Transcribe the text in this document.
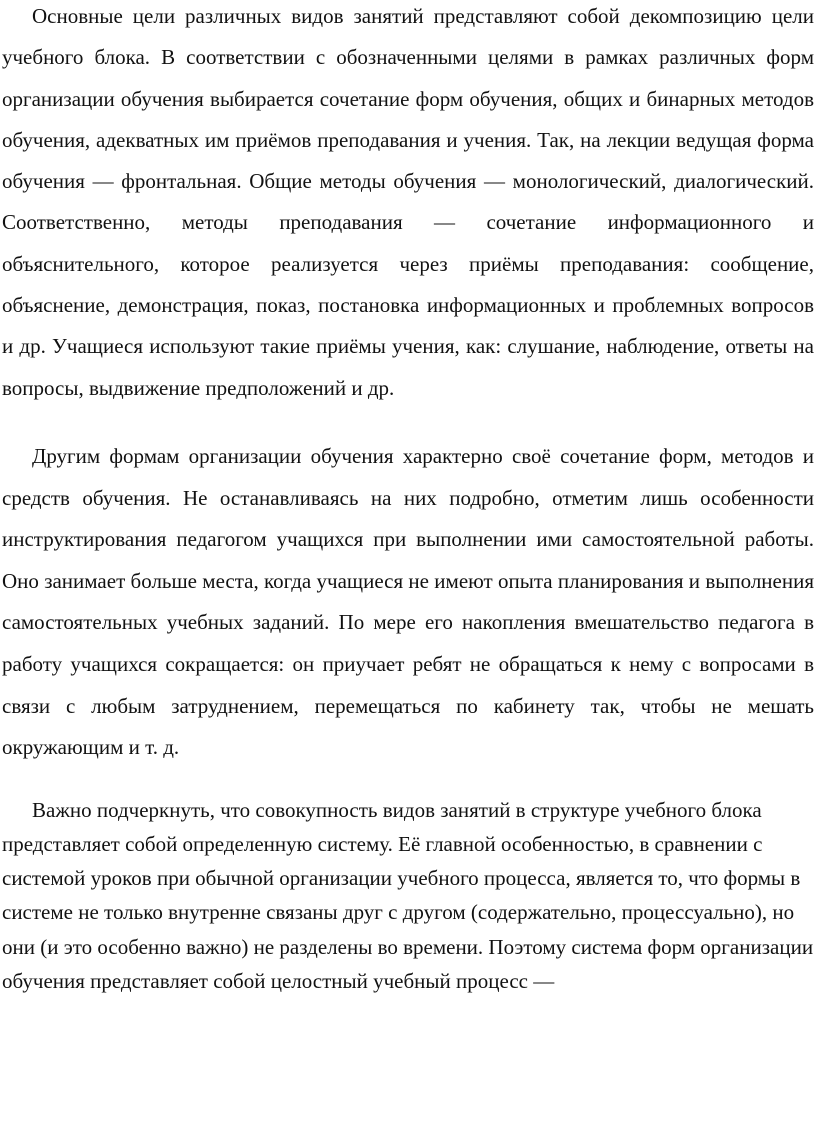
Основные цели различных видов занятий представляют собой декомпозицию цели учебного блока. В соответствии с обозначенными целями в рамках различных форм организации обучения выбирается сочетание форм обучения, общих и бинарных методов обучения, адекватных им приёмов преподавания и учения. Так, на лекции ведущая форма обучения — фронтальная. Общие методы обучения — монологический, диалогический. Соответственно, методы преподавания — сочетание информационного и объяснительного, которое реализуется через приёмы преподавания: сообщение, объяснение, демонстрация, показ, постановка информационных и проблемных вопросов и др. Учащиеся используют такие приёмы учения, как: слушание, наблюдение, ответы на вопросы, выдвижение предположений и др.

Другим формам организации обучения характерно своё сочетание форм, методов и средств обучения. Не останавливаясь на них подробно, отметим лишь особенности инструктирования педагогом учащихся при выполнении ими самостоятельной работы. Оно занимает больше места, когда учащиеся не имеют опыта планирования и выполнения самостоятельных учебных заданий. По мере его накопления вмешательство педагога в работу учащихся сокращается: он приучает ребят не обращаться к нему с вопросами в связи с любым затруднением, перемещаться по кабинету так, чтобы не мешать окружающим и т. д.

Важно подчеркнуть, что совокупность видов занятий в структуре учебного блока представляет собой определенную систему. Её главной особенностью, в сравнении с системой уроков при обычной организации учебного процесса, является то, что формы в системе не только внутренне связаны друг с другом (содержательно, процессуально), но они (и это особенно важно) не разделены во времени. Поэтому система форм организации обучения представляет собой целостный учебный процесс —
